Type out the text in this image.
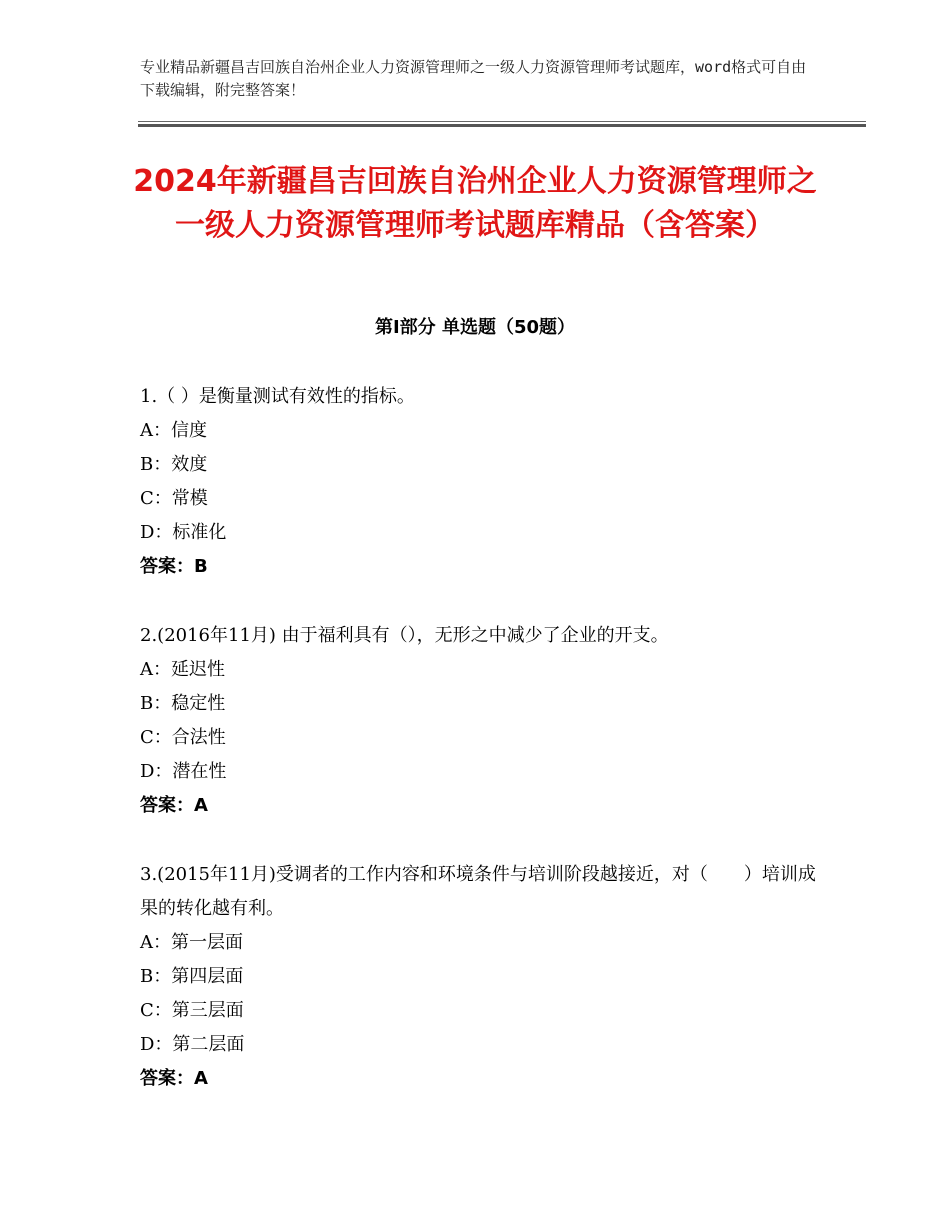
专业精品新疆昌吉回族自治州企业人力资源管理师之一级人力资源管理师考试题库，word格式可自由下载编辑，附完整答案！
2024年新疆昌吉回族自治州企业人力资源管理师之一级人力资源管理师考试题库精品（含答案）
第Ⅰ部分 单选题（50题）

1.（ ）是衡量测试有效性的指标。

A：信度

B：效度

C：常模

D：标准化

答案：B

2.(2016年11月) 由于福利具有（），无形之中减少了企业的开支。

A：延迟性

B：稳定性

C：合法性

D：潜在性

答案：A

3.(2015年11月)受调者的工作内容和环境条件与培训阶段越接近，对（　　）培训成果的转化越有利。

A：第一层面

B：第四层面

C：第三层面

D：第二层面

答案：A
